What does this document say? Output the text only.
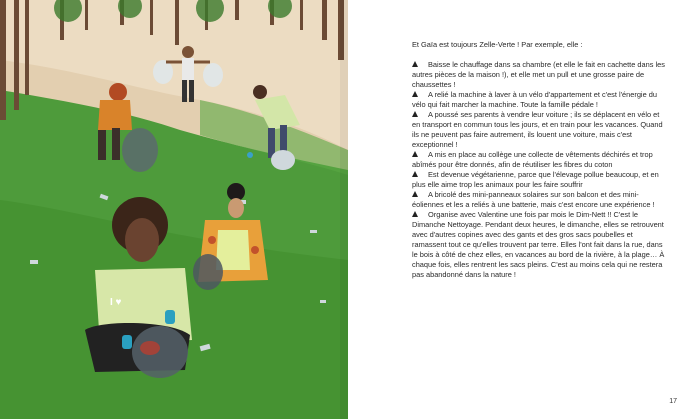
I ♥

Et Gaïa est toujours Zelle-Verte ! Par exemple, elle :

Baisse le chauffage dans sa chambre (et elle le fait en cachette dans les autres pièces de la maison !), et elle met un pull et une grosse paire de chaussettes !

A relié la machine à laver à un vélo d'appartement et c'est l'énergie du vélo qui fait marcher la machine. Toute la famille pédale !

A poussé ses parents à vendre leur voiture ; ils se déplacent en vélo et en transport en commun tous les jours, et en train pour les vacances. Quand ils ne peuvent pas faire autrement, ils louent une voiture, mais c'est exceptionnel !

A mis en place au collège une collecte de vêtements déchirés et trop abîmés pour être donnés, afin de réutiliser les fibres du coton

Est devenue végétarienne, parce que l'élevage pollue beaucoup, et en plus elle aime trop les animaux pour les faire souffrir

A bricolé des mini-panneaux solaires sur son balcon et des mini-éoliennes et les a reliés à une batterie, mais c'est encore une expérience !

Organise avec Valentine une fois par mois le Dim-Nett !! C'est le Dimanche Nettoyage. Pendant deux heures, le dimanche, elles se retrouvent avec d'autres copines avec des gants et des gros sacs poubelles et ramassent tout ce qu'elles trouvent par terre. Elles l'ont fait dans la rue, dans le bois à côté de chez elles, en vacances au bord de la rivière, à la plage… À chaque fois, elles rentrent les sacs pleins. C'est au moins cela qui ne restera pas abandonné dans la nature !

17
